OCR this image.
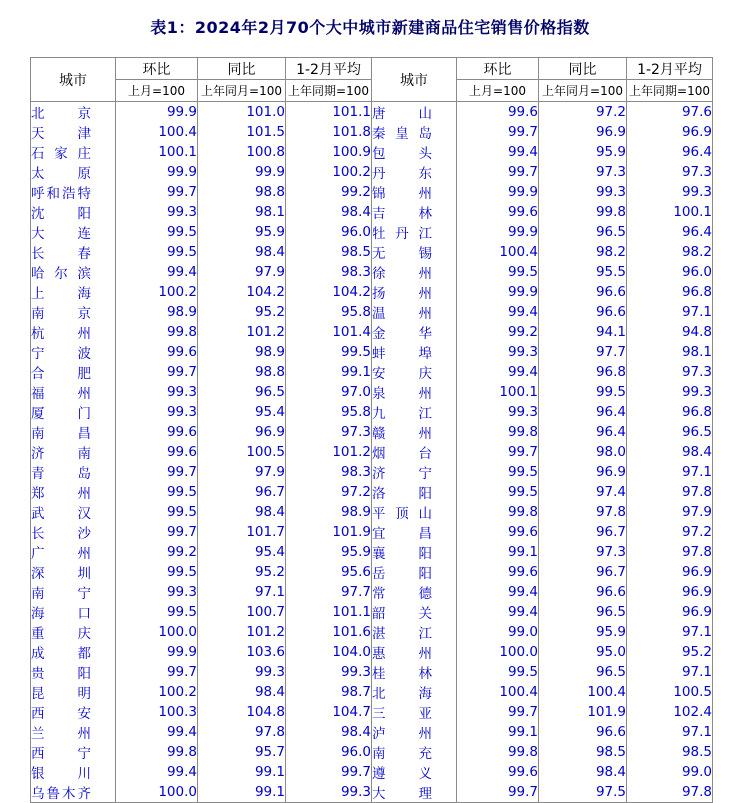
表1：2024年2月70个大中城市新建商品住宅销售价格指数
城市	环比	同比	1-2月平均	城市	环比	同比	1-2月平均
	上月=100	上年同月=100	上年同期=100		上月=100	上年同月=100	上年同期=100
北京	99.9	101.0	101.1	唐山	99.6	97.2	97.6
天津	100.4	101.5	101.8	秦皇岛	99.7	96.9	96.9
石家庄	100.1	100.8	100.9	包头	99.4	95.9	96.4
太原	99.9	99.9	100.2	丹东	99.7	97.3	97.3
呼和浩特	99.7	98.8	99.2	锦州	99.9	99.3	99.3
沈阳	99.3	98.1	98.4	吉林	99.6	99.8	100.1
大连	99.5	95.9	96.0	牡丹江	99.9	96.5	96.4
长春	99.5	98.4	98.5	无锡	100.4	98.2	98.2
哈尔滨	99.4	97.9	98.3	徐州	99.5	95.5	96.0
上海	100.2	104.2	104.2	扬州	99.9	96.6	96.8
南京	98.9	95.2	95.8	温州	99.4	96.6	97.1
杭州	99.8	101.2	101.4	金华	99.2	94.1	94.8
宁波	99.6	98.9	99.5	蚌埠	99.3	97.7	98.1
合肥	99.7	98.8	99.1	安庆	99.4	96.8	97.3
福州	99.3	96.5	97.0	泉州	100.1	99.5	99.3
厦门	99.3	95.4	95.8	九江	99.3	96.4	96.8
南昌	99.6	96.9	97.3	赣州	99.8	96.4	96.5
济南	99.6	100.5	101.2	烟台	99.7	98.0	98.4
青岛	99.7	97.9	98.3	济宁	99.5	96.9	97.1
郑州	99.5	96.7	97.2	洛阳	99.5	97.4	97.8
武汉	99.5	98.4	98.9	平顶山	99.8	97.8	97.9
长沙	99.7	101.7	101.9	宜昌	99.6	96.7	97.2
广州	99.2	95.4	95.9	襄阳	99.1	97.3	97.8
深圳	99.5	95.2	95.6	岳阳	99.6	96.7	96.9
南宁	99.3	97.1	97.7	常德	99.4	96.6	96.9
海口	99.5	100.7	101.1	韶关	99.4	96.5	96.9
重庆	100.0	101.2	101.6	湛江	99.0	95.9	97.1
成都	99.9	103.6	104.0	惠州	100.0	95.0	95.2
贵阳	99.7	99.3	99.3	桂林	99.5	96.5	97.1
昆明	100.2	98.4	98.7	北海	100.4	100.4	100.5
西安	100.3	104.8	104.7	三亚	99.7	101.9	102.4
兰州	99.4	97.8	98.4	泸州	99.1	96.6	97.1
西宁	99.8	95.7	96.0	南充	99.8	98.5	98.5
银川	99.4	99.1	99.7	遵义	99.6	98.4	99.0
乌鲁木齐	100.0	99.1	99.3	大理	99.7	97.5	97.8
